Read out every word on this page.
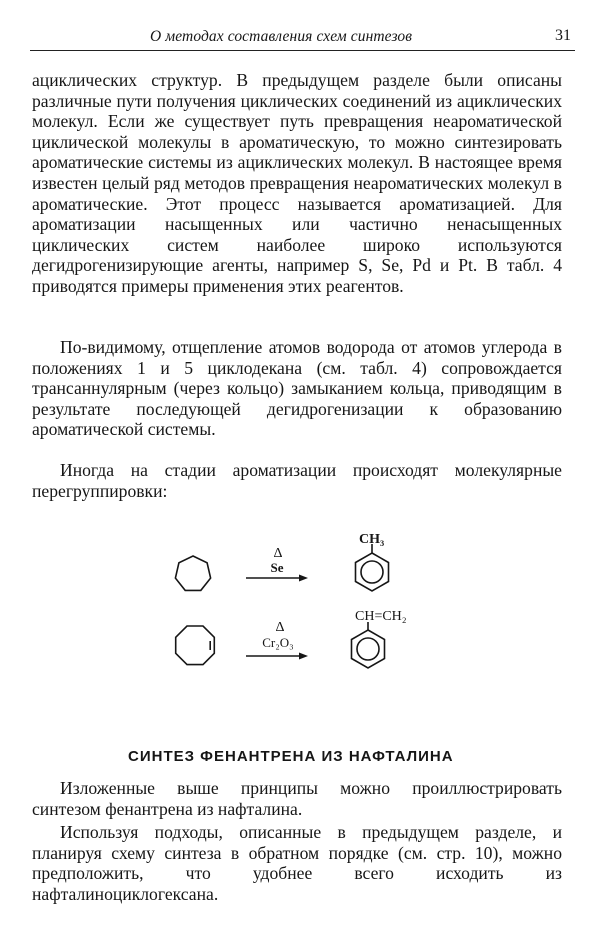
О методах составления схем синтезов	31

ациклических структур. В предыдущем разделе были описаны различные пути получения циклических соединений из ациклических молекул. Если же существует путь превращения неароматической циклической молекулы в ароматическую, то можно синтезировать ароматические системы из ациклических молекул. В настоящее время известен целый ряд методов превращения неароматических молекул в ароматические. Этот процесс называется ароматизацией. Для ароматизации насыщенных или частично ненасыщенных циклических систем наиболее широко используются дегидрогенизирующие агенты, например S, Se, Pd и Pt. В табл. 4 приводятся примеры применения этих реагентов.

По-видимому, отщепление атомов водорода от атомов углерода в положениях 1 и 5 циклодекана (см. табл. 4) сопровождается трансаннулярным (через кольцо) замыканием кольца, приводящим в результате последующей дегидрогенизации к образованию ароматической системы.

Иногда на стадии ароматизации происходят молекулярные перегруппировки:

Δ
Se
CH₃
Δ
Cr₂O₃
CH=CH₂
СИНТЕЗ ФЕНАНТРЕНА ИЗ НАФТАЛИНА

Изложенные выше принципы можно проиллюстрировать синтезом фенантрена из нафталина.

Используя подходы, описанные в предыдущем разделе, и планируя схему синтеза в обратном порядке (см. стр. 10), можно предположить, что удобнее всего исходить из нафталиноциклогексана.
